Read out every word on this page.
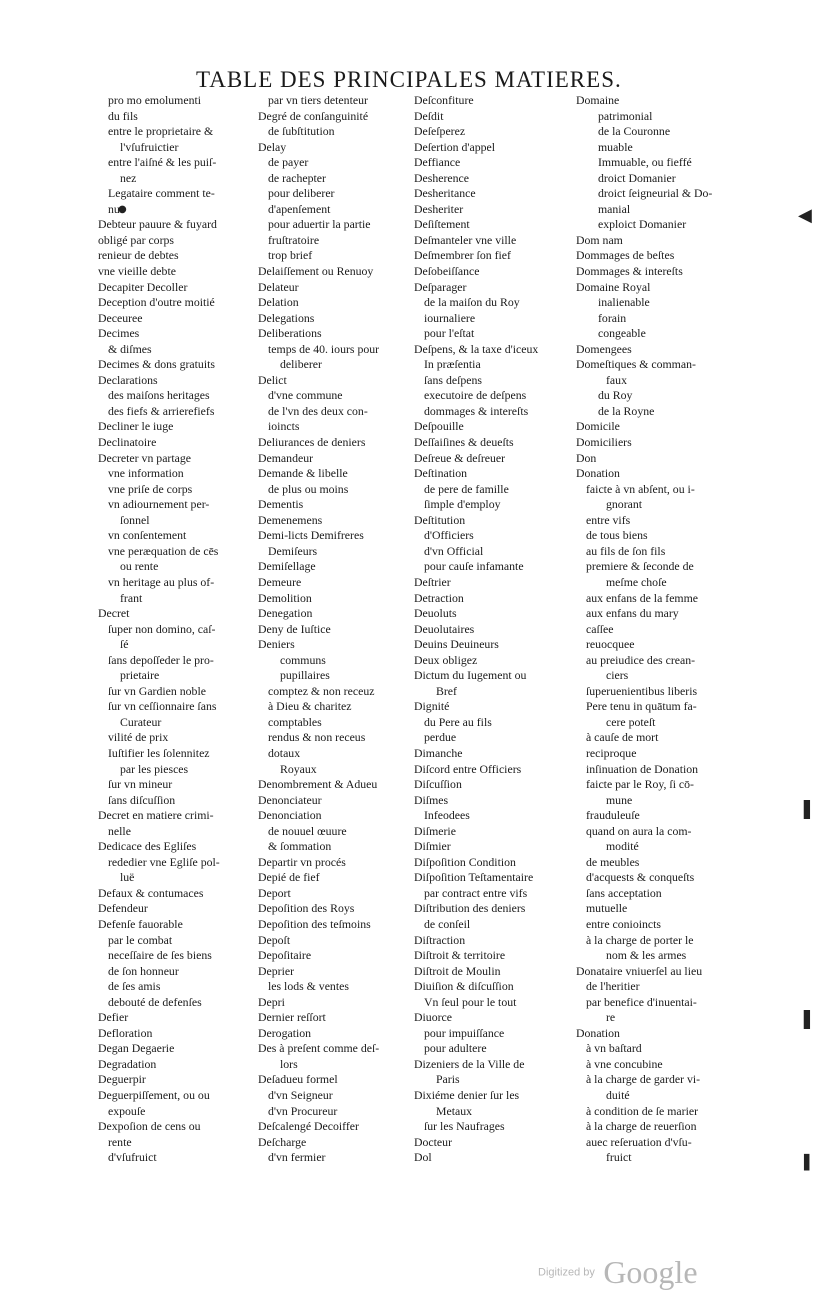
TABLE DES PRINCIPALES MATIERES.
pro mo emolumenti
du fils
entre le proprietaire &
l'vſufruictier
entre l'aiſné & les puiſ-
nez
Legataire comment te-
nu
Debteur pauure & fuyard
obligé par corps
renieur de debtes
vne vieille debte
Decapiter Decoller
Deception d'outre moitié
Deceuree
Decimes
& diſmes
Decimes & dons gratuits
Declarations
des maiſons heritages
des fiefs & arrierefiefs
Decliner le iuge
Declinatoire
Decreter vn partage
vne information
vne priſe de corps
vn adiournement per-
ſonnel
vn conſentement
vne peræquation de cēs
ou rente
vn heritage au plus of-
frant
Decret
ſuper non domino, caſ-
ſé
ſans depoſſeder le pro-
prietaire
ſur vn Gardien noble
ſur vn ceſſionnaire ſans
Curateur
vilité de prix
Iuſtifier les ſolennitez
par les piesces
ſur vn mineur
ſans diſcuſſion
Decret en matiere crimi-
nelle
Dedicace des Egliſes
rededier vne Egliſe pol-
luë
Defaux & contumaces
Defendeur
Defenſe fauorable
par le combat
neceſſaire de ſes biens
de ſon honneur
de ſes amis
debouté de defenſes
Defier
Defloration
Degan Degaerie
Degradation
Deguerpir
Deguerpiſſement, ou ou
expouſe
Dexpoſion de cens ou
rente
d'vſufruict
par vn tiers detenteur
Degré de conſanguinité
de ſubſtitution
Delay
de payer
de rachepter
pour deliberer
d'apenſement
pour aduertir la partie
fruſtratoire
trop brief
Delaiſſement ou Renuoy
Delateur
Delation
Delegations
Deliberations
temps de 40. iours pour
deliberer
Delict
d'vne commune
de l'vn des deux con-
ioincts
Deliurances de deniers
Demandeur
Demande & libelle
de plus ou moins
Dementis
Demenemens
Demi-licts Demifreres
Demiſeurs
Demiſellage
Demeure
Demolition
Denegation
Deny de Iuſtice
Deniers
communs
pupillaires
comptez & non receuz
à Dieu & charitez
comptables
rendus & non receus
dotaux
Royaux
Denombrement & Adueu
Denonciateur
Denonciation
de nouuel œuure
& ſommation
Departir vn procés
Depié de fief
Deport
Depoſition des Roys
Depoſition des teſmoins
Depoſt
Depoſitaire
Deprier
les lods & ventes
Depri
Dernier reſſort
Derogation
Des à preſent comme deſ-
lors
Deſadueu formel
d'vn Seigneur
d'vn Procureur
Deſcalengé Decoiffer
Deſcharge
d'vn fermier
Deſconfiture
Deſdit
Deſeſperez
Deſertion d'appel
Deffiance
Desherence
Desheritance
Desheriter
Deſiſtement
Deſmanteler vne ville
Deſmembrer ſon fief
Deſobeiſſance
Deſparager
de la maiſon du Roy
iournaliere
pour l'eſtat
Deſpens, & la taxe d'iceux
In præſentia
ſans deſpens
executoire de deſpens
dommages & intereſts
Deſpouille
Deſſaiſines & deueſts
Deſreue & deſreuer
Deſtination
de pere de famille
ſimple d'employ
Deſtitution
d'Officiers
d'vn Official
pour cauſe infamante
Deſtrier
Detraction
Deuoluts
Deuolutaires
Deuins Deuineurs
Deux obligez
Dictum du Iugement ou
Bref
Dignité
du Pere au fils
perdue
Dimanche
Diſcord entre Officiers
Diſcuſſion
Diſmes
Infeodees
Diſmerie
Diſmier
Diſpoſition Condition
Diſpoſition Teſtamentaire
par contract entre vifs
Diſtribution des deniers
de conſeil
Diſtraction
Diſtroit & territoire
Diſtroit de Moulin
Diuiſion & diſcuſſion
Vn ſeul pour le tout
Diuorce
pour impuiſſance
pour adultere
Dizeniers de la Ville de
Paris
Dixiéme denier ſur les
Metaux
ſur les Naufrages
Docteur
Dol
Domaine
patrimonial
de la Couronne
muable
Immuable, ou fieffé
droict Domanier
droict ſeigneurial & Do-
manial
exploict Domanier
Dom nam
Dommages de beſtes
Dommages & intereſts
Domaine Royal
inalienable
forain
congeable
Domengees
Domeſtiques & comman-
faux
du Roy
de la Royne
Domicile
Domiciliers
Don
Donation
faicte à vn abſent, ou i-
gnorant
entre vifs
de tous biens
au fils de ſon fils
premiere & ſeconde de
meſme choſe
aux enfans de la femme
aux enfans du mary
caſſee
reuocquee
au preiudice des crean-
ciers
ſuperuenientibus liberis
Pere tenu in quātum fa-
cere poteſt
à cauſe de mort
reciproque
inſinuation de Donation
faicte par le Roy, ſi cō-
mune
frauduleuſe
quand on aura la com-
modité
de meubles
d'acquests & conqueſts
ſans acceptation
mutuelle
entre conioincts
à la charge de porter le
nom & les armes
Donataire vniuerſel au lieu
de l'heritier
par benefice d'inuentai-
re
Donation
à vn baſtard
à vne concubine
à la charge de garder vi-
duité
à condition de ſe marier
à la charge de reuerſion
auec reſeruation d'vſu-
fruict
●	◀
▌
▌
▌
Digitized by Google
